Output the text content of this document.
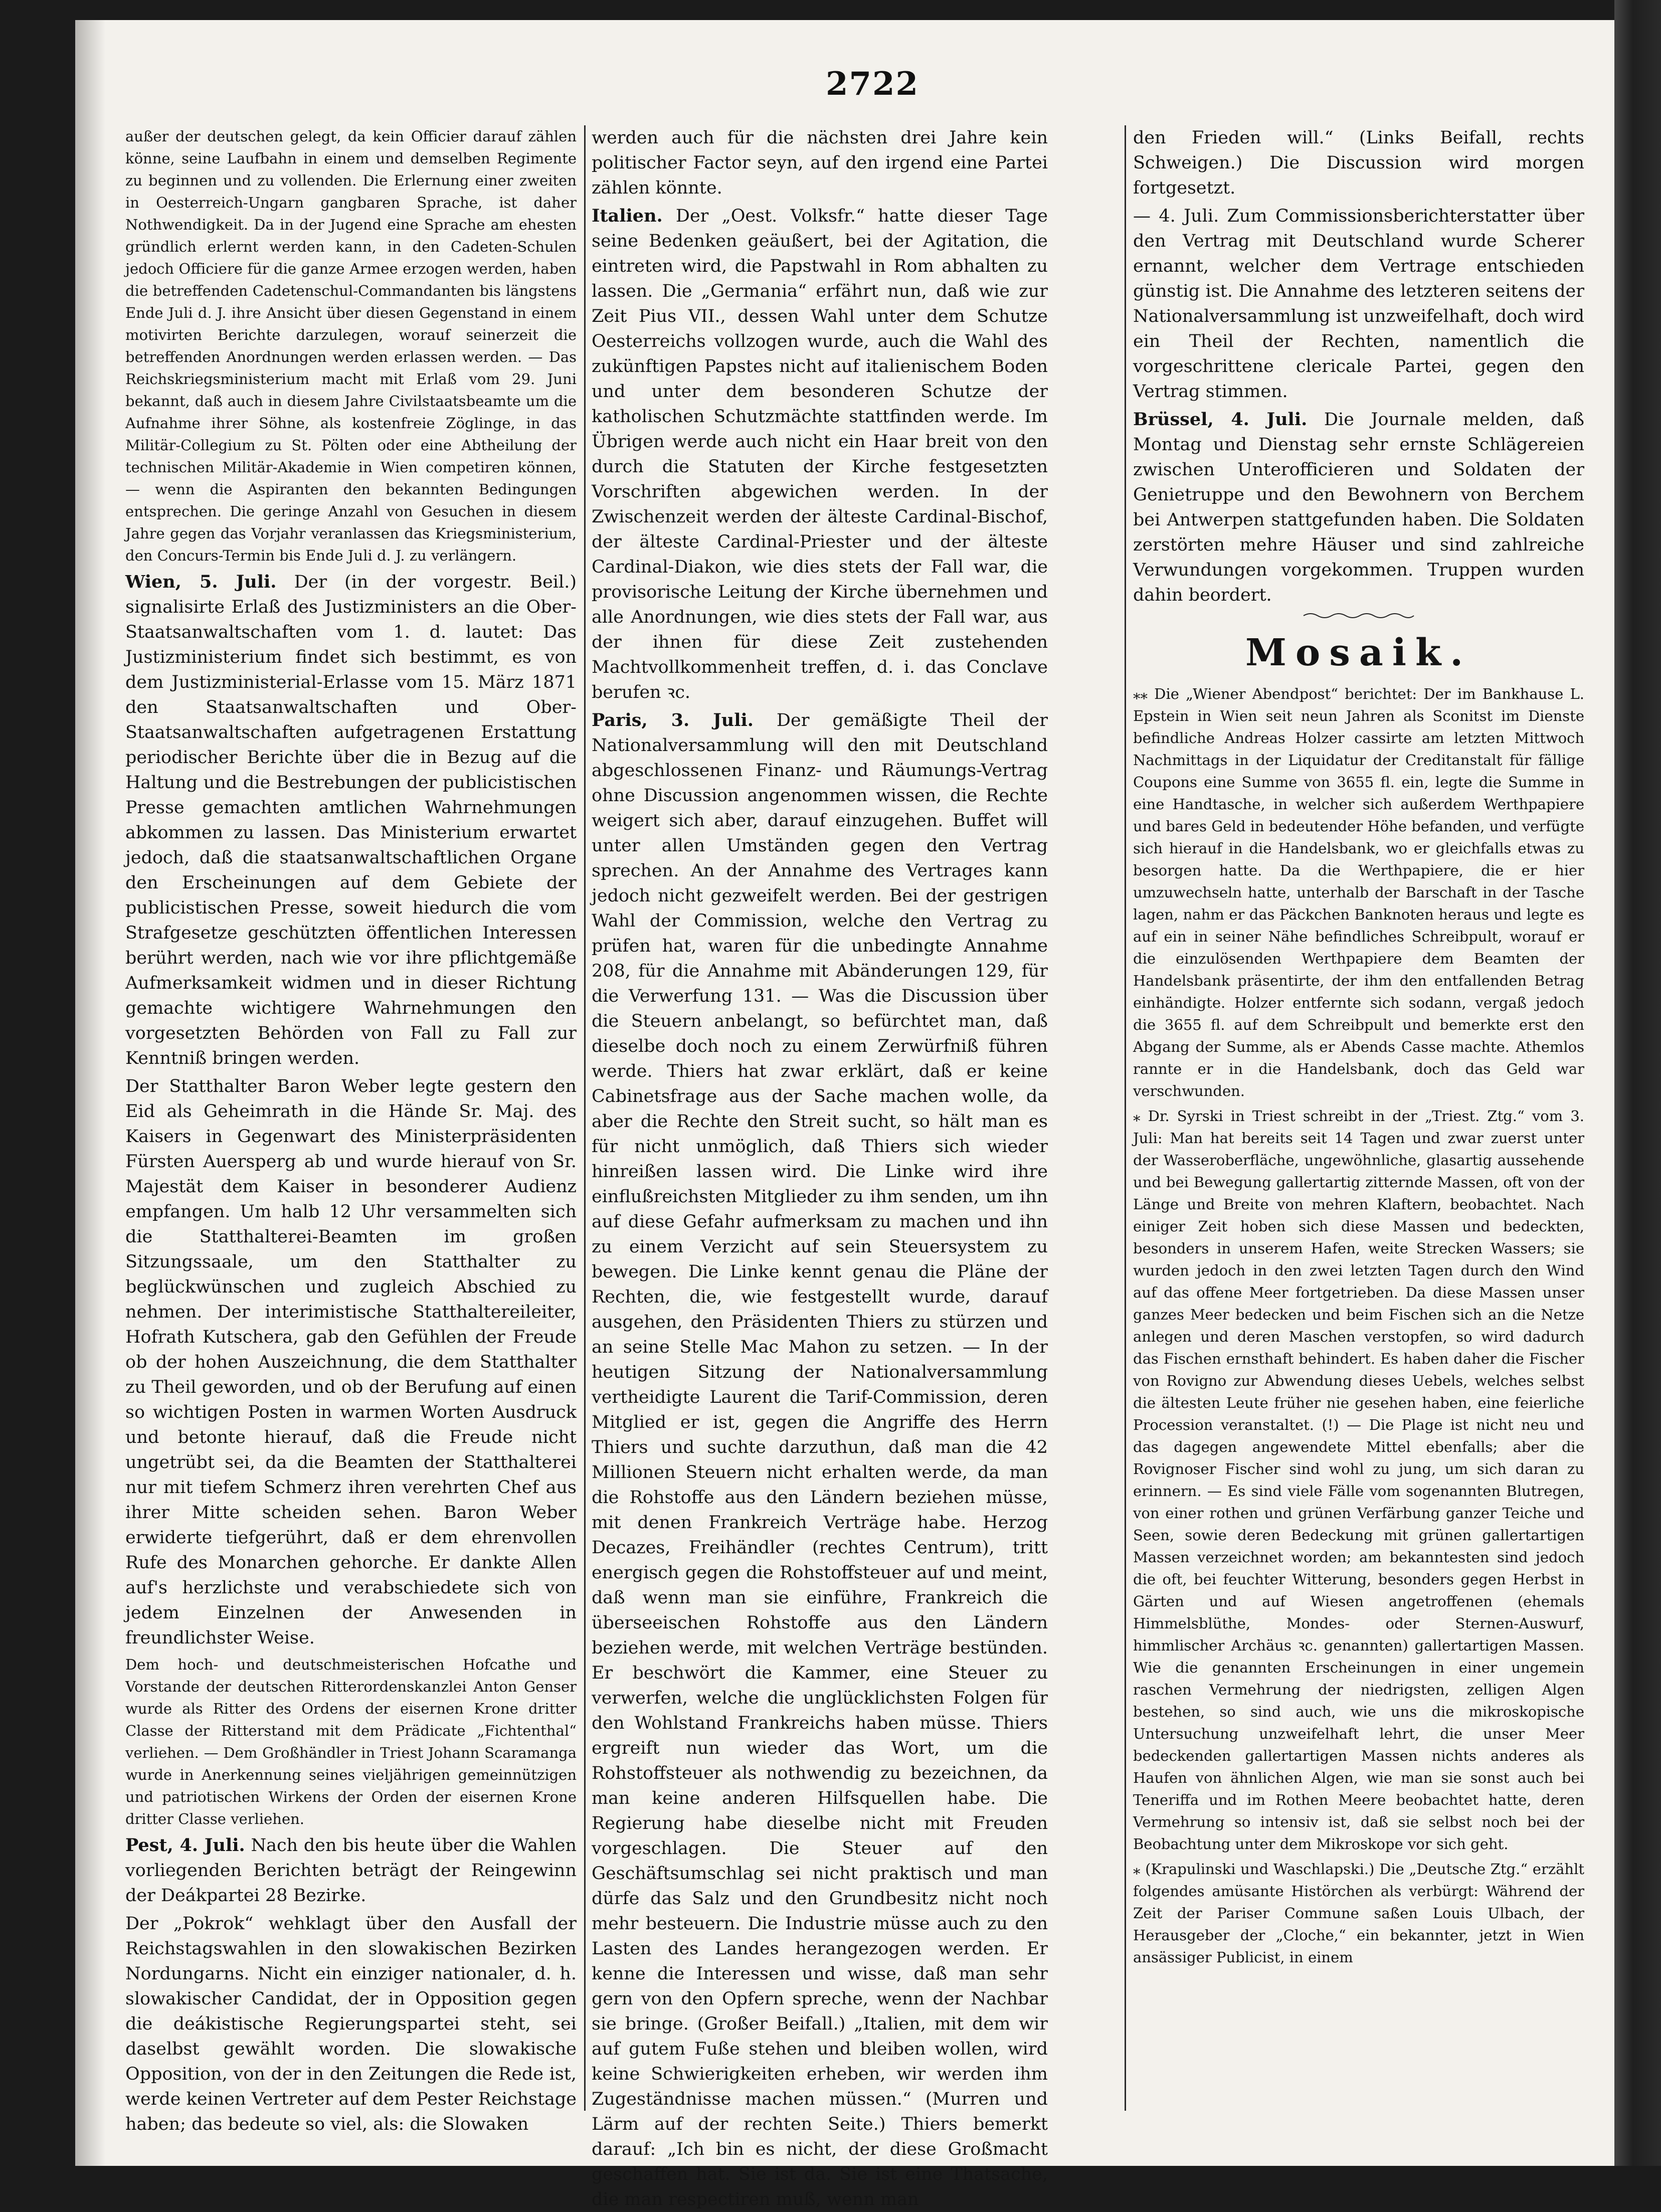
2722

außer der deutschen gelegt, da kein Officier darauf zählen könne, seine Laufbahn in einem und demselben Regimente zu beginnen und zu vollenden. Die Erlernung einer zweiten in Oesterreich-Ungarn gangbaren Sprache, ist daher Nothwendigkeit. Da in der Jugend eine Sprache am ehesten gründlich erlernt werden kann, in den Cadeten-Schulen jedoch Officiere für die ganze Armee erzogen werden, haben die betreffenden Cadetenschul-Commandanten bis längstens Ende Juli d. J. ihre Ansicht über diesen Gegenstand in einem motivirten Berichte darzulegen, worauf seinerzeit die betreffenden Anordnungen werden erlassen werden. — Das Reichskriegsministerium macht mit Erlaß vom 29. Juni bekannt, daß auch in diesem Jahre Civilstaatsbeamte um die Aufnahme ihrer Söhne, als kostenfreie Zöglinge, in das Militär-Collegium zu St. Pölten oder eine Abtheilung der technischen Militär-Akademie in Wien competiren können, — wenn die Aspiranten den bekannten Bedingungen entsprechen. Die geringe Anzahl von Gesuchen in diesem Jahre gegen das Vorjahr veranlassen das Kriegsministerium, den Concurs-Termin bis Ende Juli d. J. zu verlängern.

Wien, 5. Juli. Der (in der vorgestr. Beil.) signalisirte Erlaß des Justizministers an die Ober-Staatsanwaltschaften vom 1. d. lautet: Das Justizministerium findet sich bestimmt, es von dem Justizministerial-Erlasse vom 15. März 1871 den Staatsanwaltschaften und Ober-Staatsanwaltschaften aufgetragenen Erstattung periodischer Berichte über die in Bezug auf die Haltung und die Bestrebungen der publicistischen Presse gemachten amtlichen Wahrnehmungen abkommen zu lassen. Das Ministerium erwartet jedoch, daß die staatsanwaltschaftlichen Organe den Erscheinungen auf dem Gebiete der publicistischen Presse, soweit hiedurch die vom Strafgesetze geschützten öffentlichen Interessen berührt werden, nach wie vor ihre pflichtgemäße Aufmerksamkeit widmen und in dieser Richtung gemachte wichtigere Wahrnehmungen den vorgesetzten Behörden von Fall zu Fall zur Kenntniß bringen werden.

Der Statthalter Baron Weber legte gestern den Eid als Geheimrath in die Hände Sr. Maj. des Kaisers in Gegenwart des Ministerpräsidenten Fürsten Auersperg ab und wurde hierauf von Sr. Majestät dem Kaiser in besonderer Audienz empfangen. Um halb 12 Uhr versammelten sich die Statthalterei-Beamten im großen Sitzungssaale, um den Statthalter zu beglückwünschen und zugleich Abschied zu nehmen. Der interimistische Statthaltereileiter, Hofrath Kutschera, gab den Gefühlen der Freude ob der hohen Auszeichnung, die dem Statthalter zu Theil geworden, und ob der Berufung auf einen so wichtigen Posten in warmen Worten Ausdruck und betonte hierauf, daß die Freude nicht ungetrübt sei, da die Beamten der Statthalterei nur mit tiefem Schmerz ihren verehrten Chef aus ihrer Mitte scheiden sehen. Baron Weber erwiderte tiefgerührt, daß er dem ehrenvollen Rufe des Monarchen gehorche. Er dankte Allen auf's herzlichste und verabschiedete sich von jedem Einzelnen der Anwesenden in freundlichster Weise.

Dem hoch- und deutschmeisterischen Hofcathe und Vorstande der deutschen Ritterordenskanzlei Anton Genser wurde als Ritter des Ordens der eisernen Krone dritter Classe der Ritterstand mit dem Prädicate „Fichtenthal“ verliehen. — Dem Großhändler in Triest Johann Scaramanga wurde in Anerkennung seines vieljährigen gemeinnützigen und patriotischen Wirkens der Orden der eisernen Krone dritter Classe verliehen.

Pest, 4. Juli. Nach den bis heute über die Wahlen vorliegenden Berichten beträgt der Reingewinn der Deákpartei 28 Bezirke.

Der „Pokrok“ wehklagt über den Ausfall der Reichstagswahlen in den slowakischen Bezirken Nordungarns. Nicht ein einziger nationaler, d. h. slowakischer Candidat, der in Opposition gegen die deákistische Regierungspartei steht, sei daselbst gewählt worden. Die slowakische Opposition, von der in den Zeitungen die Rede ist, werde keinen Vertreter auf dem Pester Reichstage haben; das bedeute so viel, als: die Slowaken

werden auch für die nächsten drei Jahre kein politischer Factor seyn, auf den irgend eine Partei zählen könnte.

Italien. Der „Oest. Volksfr.“ hatte dieser Tage seine Bedenken geäußert, bei der Agitation, die eintreten wird, die Papstwahl in Rom abhalten zu lassen. Die „Germania“ erfährt nun, daß wie zur Zeit Pius VII., dessen Wahl unter dem Schutze Oesterreichs vollzogen wurde, auch die Wahl des zukünftigen Papstes nicht auf italienischem Boden und unter dem besonderen Schutze der katholischen Schutzmächte stattfinden werde. Im Übrigen werde auch nicht ein Haar breit von den durch die Statuten der Kirche festgesetzten Vorschriften abgewichen werden. In der Zwischenzeit werden der älteste Cardinal-Bischof, der älteste Cardinal-Priester und der älteste Cardinal-Diakon, wie dies stets der Fall war, die provisorische Leitung der Kirche übernehmen und alle Anordnungen, wie dies stets der Fall war, aus der ihnen für diese Zeit zustehenden Machtvollkommenheit treffen, d. i. das Conclave berufen ꝛc.

Paris, 3. Juli. Der gemäßigte Theil der Nationalversammlung will den mit Deutschland abgeschlossenen Finanz- und Räumungs-Vertrag ohne Discussion angenommen wissen, die Rechte weigert sich aber, darauf einzugehen. Buffet will unter allen Umständen gegen den Vertrag sprechen. An der Annahme des Vertrages kann jedoch nicht gezweifelt werden. Bei der gestrigen Wahl der Commission, welche den Vertrag zu prüfen hat, waren für die unbedingte Annahme 208, für die Annahme mit Abänderungen 129, für die Verwerfung 131. — Was die Discussion über die Steuern anbelangt, so befürchtet man, daß dieselbe doch noch zu einem Zerwürfniß führen werde. Thiers hat zwar erklärt, daß er keine Cabinetsfrage aus der Sache machen wolle, da aber die Rechte den Streit sucht, so hält man es für nicht unmöglich, daß Thiers sich wieder hinreißen lassen wird. Die Linke wird ihre einflußreichsten Mitglieder zu ihm senden, um ihn auf diese Gefahr aufmerksam zu machen und ihn zu einem Verzicht auf sein Steuersystem zu bewegen. Die Linke kennt genau die Pläne der Rechten, die, wie festgestellt wurde, darauf ausgehen, den Präsidenten Thiers zu stürzen und an seine Stelle Mac Mahon zu setzen. — In der heutigen Sitzung der Nationalversammlung vertheidigte Laurent die Tarif-Commission, deren Mitglied er ist, gegen die Angriffe des Herrn Thiers und suchte darzuthun, daß man die 42 Millionen Steuern nicht erhalten werde, da man die Rohstoffe aus den Ländern beziehen müsse, mit denen Frankreich Verträge habe. Herzog Decazes, Freihändler (rechtes Centrum), tritt energisch gegen die Rohstoffsteuer auf und meint, daß wenn man sie einführe, Frankreich die überseeischen Rohstoffe aus den Ländern beziehen werde, mit welchen Verträge bestünden. Er beschwört die Kammer, eine Steuer zu verwerfen, welche die unglücklichsten Folgen für den Wohlstand Frankreichs haben müsse. Thiers ergreift nun wieder das Wort, um die Rohstoffsteuer als nothwendig zu bezeichnen, da man keine anderen Hilfsquellen habe. Die Regierung habe dieselbe nicht mit Freuden vorgeschlagen. Die Steuer auf den Geschäftsumschlag sei nicht praktisch und man dürfe das Salz und den Grundbesitz nicht noch mehr besteuern. Die Industrie müsse auch zu den Lasten des Landes herangezogen werden. Er kenne die Interessen und wisse, daß man sehr gern von den Opfern spreche, wenn der Nachbar sie bringe. (Großer Beifall.) „Italien, mit dem wir auf gutem Fuße stehen und bleiben wollen, wird keine Schwierigkeiten erheben, wir werden ihm Zugeständnisse machen müssen.“ (Murren und Lärm auf der rechten Seite.) Thiers bemerkt darauf: „Ich bin es nicht, der diese Großmacht geschaffen hat. Sie ist da. Sie ist eine Thatsache, die man respectiren muß, wenn man

den Frieden will.“ (Links Beifall, rechts Schweigen.) Die Discussion wird morgen fortgesetzt.

— 4. Juli. Zum Commissionsberichterstatter über den Vertrag mit Deutschland wurde Scherer ernannt, welcher dem Vertrage entschieden günstig ist. Die Annahme des letzteren seitens der Nationalversammlung ist unzweifelhaft, doch wird ein Theil der Rechten, namentlich die vorgeschrittene clericale Partei, gegen den Vertrag stimmen.

Brüssel, 4. Juli. Die Journale melden, daß Montag und Dienstag sehr ernste Schlägereien zwischen Unterofficieren und Soldaten der Genietruppe und den Bewohnern von Berchem bei Antwerpen stattgefunden haben. Die Soldaten zerstörten mehre Häuser und sind zahlreiche Verwundungen vorgekommen. Truppen wurden dahin beordert.

Mosaik.

⁎⁎ Die „Wiener Abendpost“ berichtet: Der im Bankhause L. Epstein in Wien seit neun Jahren als Sconitst im Dienste befindliche Andreas Holzer cassirte am letzten Mittwoch Nachmittags in der Liquidatur der Creditanstalt für fällige Coupons eine Summe von 3655 fl. ein, legte die Summe in eine Handtasche, in welcher sich außerdem Werthpapiere und bares Geld in bedeutender Höhe befanden, und verfügte sich hierauf in die Handelsbank, wo er gleichfalls etwas zu besorgen hatte. Da die Werthpapiere, die er hier umzuwechseln hatte, unterhalb der Barschaft in der Tasche lagen, nahm er das Päckchen Banknoten heraus und legte es auf ein in seiner Nähe befindliches Schreibpult, worauf er die einzulösenden Werthpapiere dem Beamten der Handelsbank präsentirte, der ihm den entfallenden Betrag einhändigte. Holzer entfernte sich sodann, vergaß jedoch die 3655 fl. auf dem Schreibpult und bemerkte erst den Abgang der Summe, als er Abends Casse machte. Athemlos rannte er in die Handelsbank, doch das Geld war verschwunden.

⁎ Dr. Syrski in Triest schreibt in der „Triest. Ztg.“ vom 3. Juli: Man hat bereits seit 14 Tagen und zwar zuerst unter der Wasseroberfläche, ungewöhnliche, glasartig aussehende und bei Bewegung gallertartig zitternde Massen, oft von der Länge und Breite von mehren Klaftern, beobachtet. Nach einiger Zeit hoben sich diese Massen und bedeckten, besonders in unserem Hafen, weite Strecken Wassers; sie wurden jedoch in den zwei letzten Tagen durch den Wind auf das offene Meer fortgetrieben. Da diese Massen unser ganzes Meer bedecken und beim Fischen sich an die Netze anlegen und deren Maschen verstopfen, so wird dadurch das Fischen ernsthaft behindert. Es haben daher die Fischer von Rovigno zur Abwendung dieses Uebels, welches selbst die ältesten Leute früher nie gesehen haben, eine feierliche Procession veranstaltet. (!) — Die Plage ist nicht neu und das dagegen angewendete Mittel ebenfalls; aber die Rovignoser Fischer sind wohl zu jung, um sich daran zu erinnern. — Es sind viele Fälle vom sogenannten Blutregen, von einer rothen und grünen Verfärbung ganzer Teiche und Seen, sowie deren Bedeckung mit grünen gallertartigen Massen verzeichnet worden; am bekanntesten sind jedoch die oft, bei feuchter Witterung, besonders gegen Herbst in Gärten und auf Wiesen angetroffenen (ehemals Himmelsblüthe, Mondes- oder Sternen-Auswurf, himmlischer Archäus ꝛc. genannten) gallertartigen Massen. Wie die genannten Erscheinungen in einer ungemein raschen Vermehrung der niedrigsten, zelligen Algen bestehen, so sind auch, wie uns die mikroskopische Untersuchung unzweifelhaft lehrt, die unser Meer bedeckenden gallertartigen Massen nichts anderes als Haufen von ähnlichen Algen, wie man sie sonst auch bei Teneriffa und im Rothen Meere beobachtet hatte, deren Vermehrung so intensiv ist, daß sie selbst noch bei der Beobachtung unter dem Mikroskope vor sich geht.

⁎ (Krapulinski und Waschlapski.) Die „Deutsche Ztg.“ erzählt folgendes amüsante Histörchen als verbürgt: Während der Zeit der Pariser Commune saßen Louis Ulbach, der Herausgeber der „Cloche,“ ein bekannter, jetzt in Wien ansässiger Publicist, in einem
